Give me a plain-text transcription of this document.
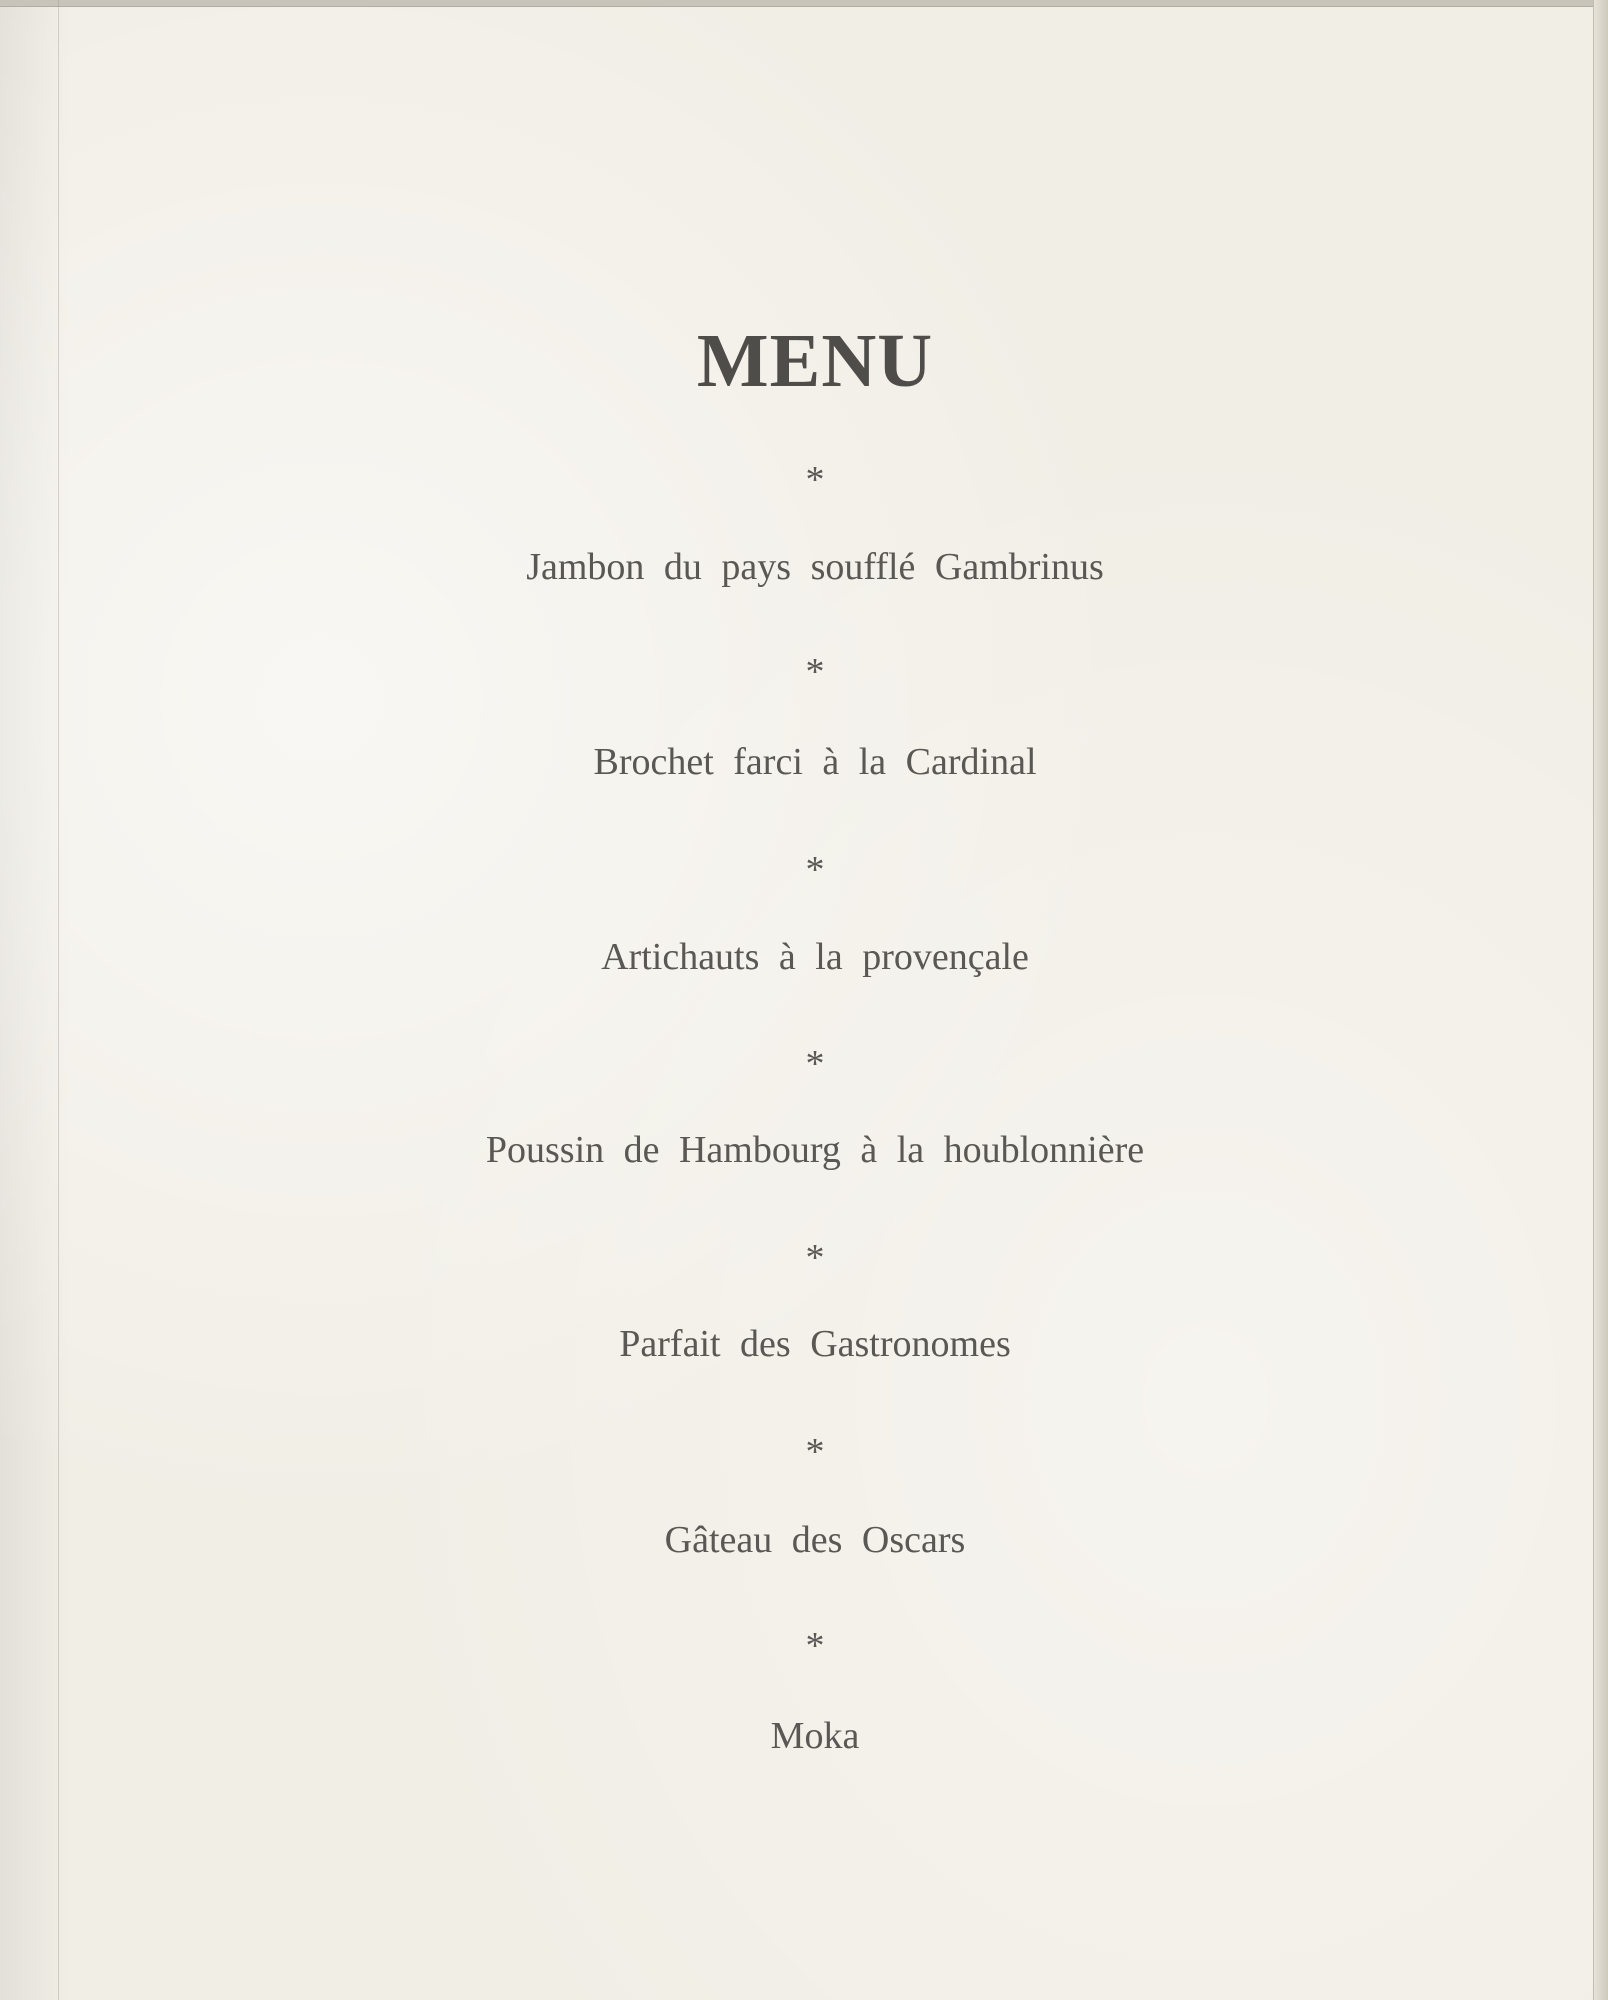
MENU
*
Jambon du pays soufflé Gambrinus
*
Brochet farci à la Cardinal
*
Artichauts à la provençale
*
Poussin de Hambourg à la houblonnière
*
Parfait des Gastronomes
*
Gâteau des Oscars
*
Moka
